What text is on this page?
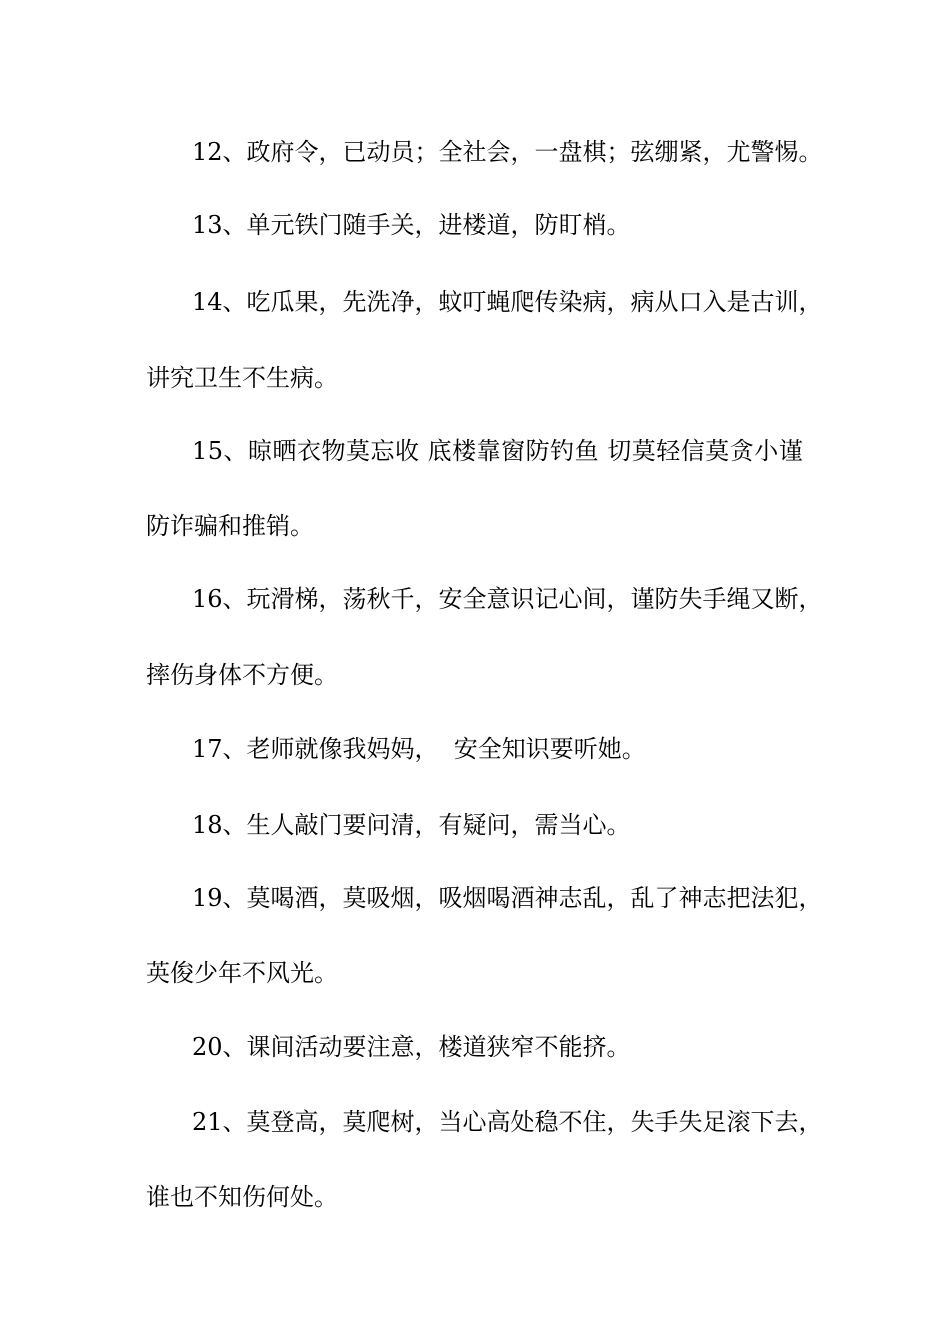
12、政府令，已动员；全社会，一盘棋；弦绷紧，尤警惕。
13、单元铁门随手关，进楼道，防盯梢。
14、吃瓜果，先洗净，蚊叮蝇爬传染病，病从口入是古训，
讲究卫生不生病。
15、晾晒衣物莫忘收 底楼靠窗防钓鱼 切莫轻信莫贪小谨
防诈骗和推销。
16、玩滑梯，荡秋千，安全意识记心间，谨防失手绳又断，
摔伤身体不方便。
17、老师就像我妈妈，  安全知识要听她。
18、生人敲门要问清，有疑问，需当心。
19、莫喝酒，莫吸烟，吸烟喝酒神志乱，乱了神志把法犯，
英俊少年不风光。
20、课间活动要注意，楼道狭窄不能挤。
21、莫登高，莫爬树，当心高处稳不住，失手失足滚下去，
谁也不知伤何处。
